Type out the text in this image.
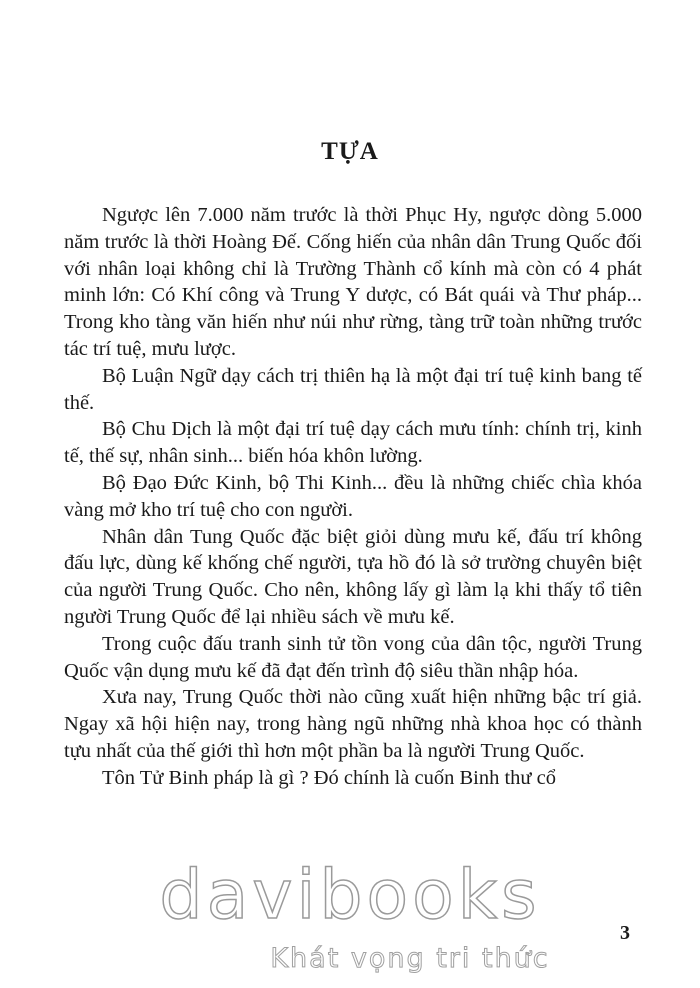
TỰA

Ngược lên 7.000 năm trước là thời Phục Hy, ngược dòng 5.000 năm trước là thời Hoàng Đế. Cống hiến của nhân dân Trung Quốc đối với nhân loại không chỉ là Trường Thành cổ kính mà còn có 4 phát minh lớn: Có Khí công và Trung Y dược, có Bát quái và Thư pháp... Trong kho tàng văn hiến như núi như rừng, tàng trữ toàn những trước tác trí tuệ, mưu lược.

Bộ Luận Ngữ dạy cách trị thiên hạ là một đại trí tuệ kinh bang tế thế.

Bộ Chu Dịch là một đại trí tuệ dạy cách mưu tính: chính trị, kinh tế, thế sự, nhân sinh... biến hóa khôn lường.

Bộ Đạo Đức Kinh, bộ Thi Kinh... đều là những chiếc chìa khóa vàng mở kho trí tuệ cho con người.

Nhân dân Tung Quốc đặc biệt giỏi dùng mưu kế, đấu trí không đấu lực, dùng kế khống chế người, tựa hồ đó là sở trường chuyên biệt của người Trung Quốc. Cho nên, không lấy gì làm lạ khi thấy tổ tiên người Trung Quốc để lại nhiều sách về mưu kế.

Trong cuộc đấu tranh sinh tử tồn vong của dân tộc, người Trung Quốc vận dụng mưu kế đã đạt đến trình độ siêu thần nhập hóa.

Xưa nay, Trung Quốc thời nào cũng xuất hiện những bậc trí giả. Ngay xã hội hiện nay, trong hàng ngũ những nhà khoa học có thành tựu nhất của thế giới thì hơn một phần ba là người Trung Quốc.

Tôn Tử Binh pháp là gì ? Đó chính là cuốn Binh thư cổ

davibooks
Khát vọng tri thức
3
